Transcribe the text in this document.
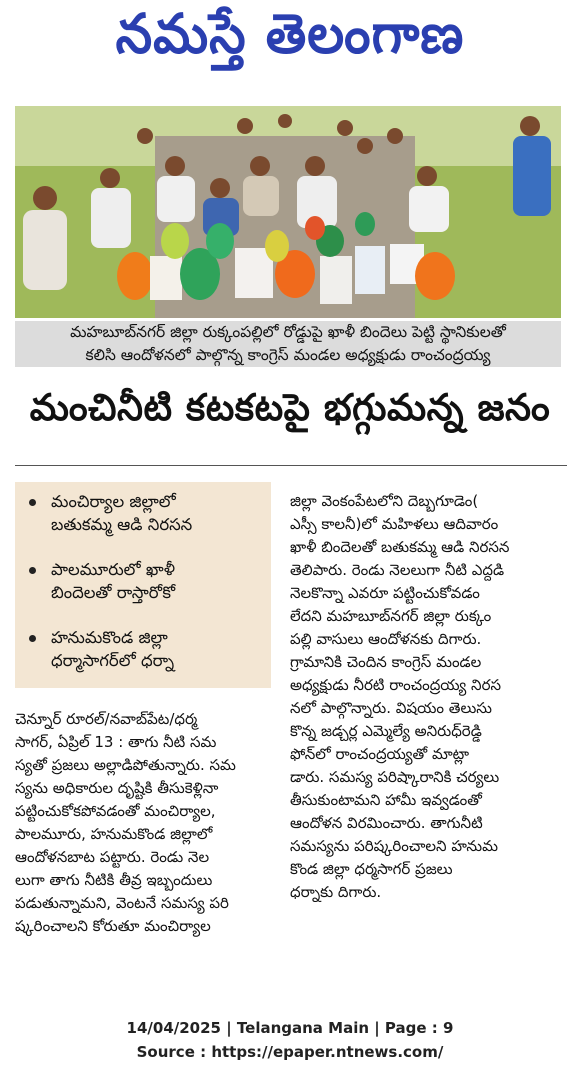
నమస్తే తెలంగాణ
మహబూబ్‌నగర్ జిల్లా రుక్కంపల్లిలో రోడ్డుపై ఖాళీ బిందెలు పెట్టి స్థానికులతో
కలిసి ఆందోళనలో పాల్గొన్న కాంగ్రెస్ మండల అధ్యక్షుడు రాంచంద్రయ్య
మంచినీటి కటకటపై భగ్గుమన్న జనం
మంచిర్యాల జిల్లాలో
బతుకమ్మ ఆడి నిరసన
పాలమూరులో ఖాళీ
బిందెలతో రాస్తారోకో
హనుమకొండ జిల్లా
ధర్మాసాగర్‌లో ధర్నా

చెన్నూర్ రూరల్/నవాబ్‌పేట/ధర్మ

సాగర్, ఏప్రిల్ 13 : తాగు నీటి సమ

స్యతో ప్రజలు అల్లాడిపోతున్నారు. సమ

స్యను అధికారుల దృష్టికి తీసుకెళ్లినా

పట్టించుకోకపోవడంతో మంచిర్యాల,

పాలమూరు, హనుమకొండ జిల్లాలో

ఆందోళనబాట పట్టారు. రెండు నెల

లుగా తాగు నీటికి తీవ్ర ఇబ్బందులు

పడుతున్నామని, వెంటనే సమస్య పరి

ష్కరించాలని కోరుతూ మంచిర్యాల

జిల్లా వెంకంపేటలోని దెబ్బగూడెం(

ఎస్సీ కాలనీ)లో మహిళలు ఆదివారం

ఖాళీ బిందెలతో బతుకమ్మ ఆడి నిరసన

తెలిపారు. రెండు నెలలుగా నీటి ఎద్దడి

నెలకొన్నా ఎవరూ పట్టించుకోవడం

లేదని మహబూబ్‌నగర్ జిల్లా రుక్కం

పల్లి వాసులు ఆందోళనకు దిగారు.

గ్రామానికి చెందిన కాంగ్రెస్ మండల

అధ్యక్షుడు నీరటి రాంచంద్రయ్య నిరస

నలో పాల్గొన్నారు. విషయం తెలుసు

కొన్న జడ్చర్ల ఎమ్మెల్యే అనిరుధ్‌రెడ్డి

ఫోన్‌లో రాంచంద్రయ్యతో మాట్లా

డారు. సమస్య పరిష్కారానికి చర్యలు

తీసుకుంటామని హామీ ఇవ్వడంతో

ఆందోళన విరమించారు. తాగునీటి

సమస్యను పరిష్కరించాలని హనుమ

కొండ జిల్లా ధర్మసాగర్ ప్రజలు

ధర్నాకు దిగారు.

14/04/2025 | Telangana Main | Page : 9
Source : https://epaper.ntnews.com/
